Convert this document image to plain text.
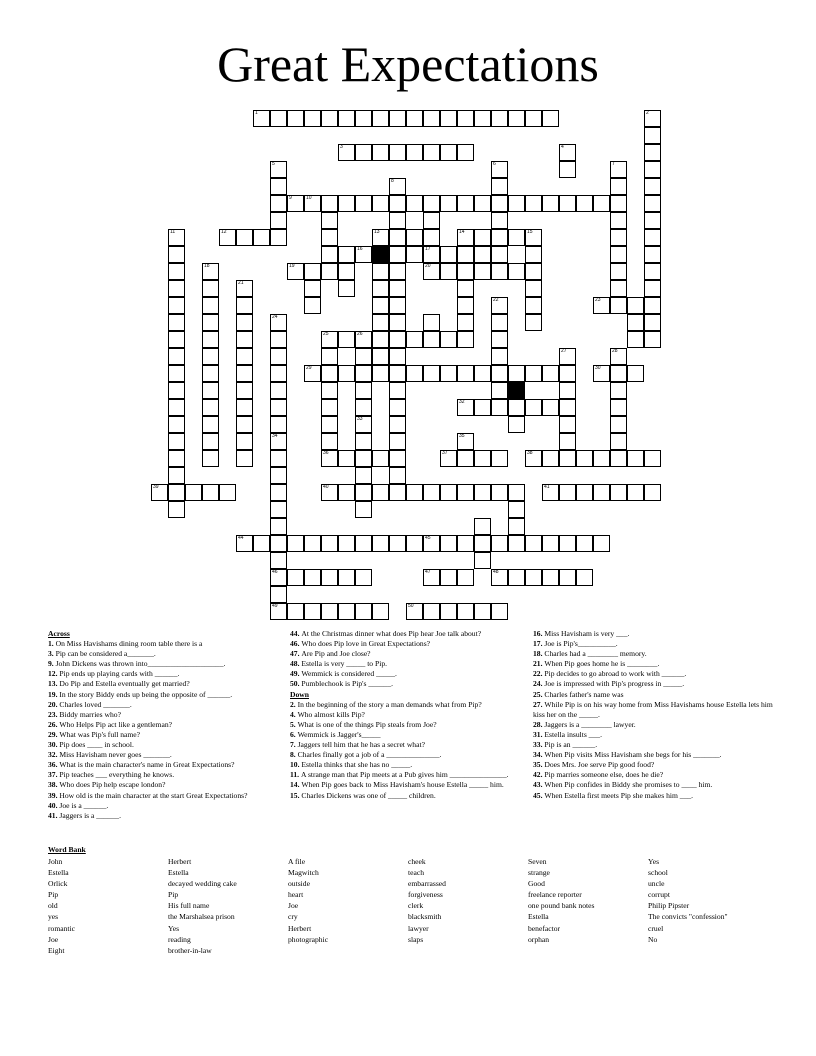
Great Expectations
1
3
9	10
12	13	14	15
16	17
19	20
23
26
29	30
32
36	37	38
39	40	41
44	45
46	47	48
49	50
2
4
5	6	7
8
11
18
21
22
24
34
25
27	28
33
35

Across

1. On Miss Havishams dining room table there is a

3. Pip can be considered a_______.

9. John Dickens was thrown into____________________.

12. Pip ends up playing cards with ______.

13. Do Pip and Estella eventually get married?

19. In the story Biddy ends up being the opposite of ______.

20. Charles loved _______.

23. Biddy marries who?

26. Who Helps Pip act like a gentleman?

29. What was Pip's full name?

30. Pip does ____ in school.

32. Miss Havisham never goes _______.

36. What is the main character's name in Great Expectations?

37. Pip teaches ___ everything he knows.

38. Who does Pip help escape london?

39. How old is the main character at the start Great Expectations?

40. Joe is a ______.

41. Jaggers is a ______.

44. At the Christmas dinner what does Pip hear Joe talk about?

46. Who does Pip love in Great Expectations?

47. Are Pip and Joe close?

48. Estella is very _____ to Pip.

49. Wemmick is considered _____.

50. Pumblechook is Pip's ______.

Down

2. In the beginning of the story a man demands what from Pip?

4. Who almost kills Pip?

5. What is one of the things Pip steals from Joe?

6. Wemmick is Jagger's_____

7. Jaggers tell him that he has a secret what?

8. Charles finally got a job of a ______________.

10. Estella thinks that she has no _____.

11. A strange man that Pip meets at a Pub gives him _______________.

14. When Pip goes back to Miss Havisham's house Estella _____ him.

15. Charles Dickens was one of _____ children.

16. Miss Havisham is very ___.

17. Joe is Pip's__________.

18. Charles had a ________ memory.

21. When Pip goes home he is ________.

22. Pip decides to go abroad to work with ______.

24. Joe is impressed with Pip's progress in _____.

25. Charles father's name was

27. While Pip is on his way home from Miss Havishams house Estella lets him kiss her on the _____.

28. Jaggers is a ________ lawyer.

31. Estella insults ___.

33. Pip is an ______.

34. When Pip visits Miss Havisham she begs for his _______.

35. Does Mrs. Joe serve Pip good food?

42. Pip marries someone else, does he die?

43. When Pip confides in Biddy she promises to ____ him.

45. When Estella first meets Pip she makes him ___.

Word Bank

John

Estella

Orlick

Pip

old

yes

romantic

Joe

Eight

Herbert

Estella

decayed wedding cake

Pip

His full name

the Marshalsea prison

Yes

reading

brother-in-law

A file

Magwitch

outside

heart

Joe

cry

Herbert

photographic

cheek

teach

embarrassed

forgiveness

clerk

blacksmith

lawyer

slaps

Seven

strange

Good

freelance reporter

one pound bank notes

Estella

benefactor

orphan

Yes

school

uncle

corrupt

Philip Pipster

The convicts "confession"

cruel

No
